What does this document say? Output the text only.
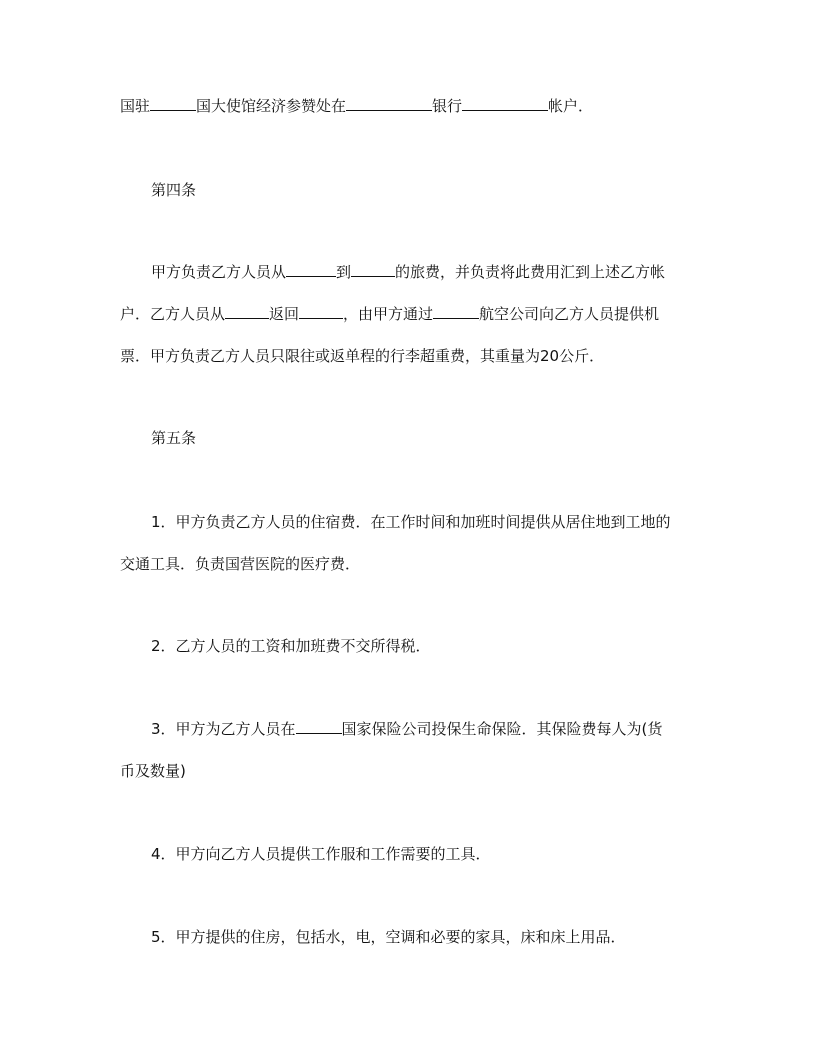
国驻	国大使馆经济参赞处在	银行	帐户．
第四条
甲方负责乙方人员从	到	的旅费，并负责将此费用汇到上述乙方帐
户．乙方人员从	返回	，由甲方通过	航空公司向乙方人员提供机
票．甲方负责乙方人员只限往或返单程的行李超重费，其重量为20公斤．
第五条
1．甲方负责乙方人员的住宿费．在工作时间和加班时间提供从居住地到工地的
交通工具．负责国营医院的医疗费．
2．乙方人员的工资和加班费不交所得税．
3．甲方为乙方人员在	国家保险公司投保生命保险．其保险费每人为(货
币及数量)
4．甲方向乙方人员提供工作服和工作需要的工具．
5．甲方提供的住房，包括水，电，空调和必要的家具，床和床上用品．
